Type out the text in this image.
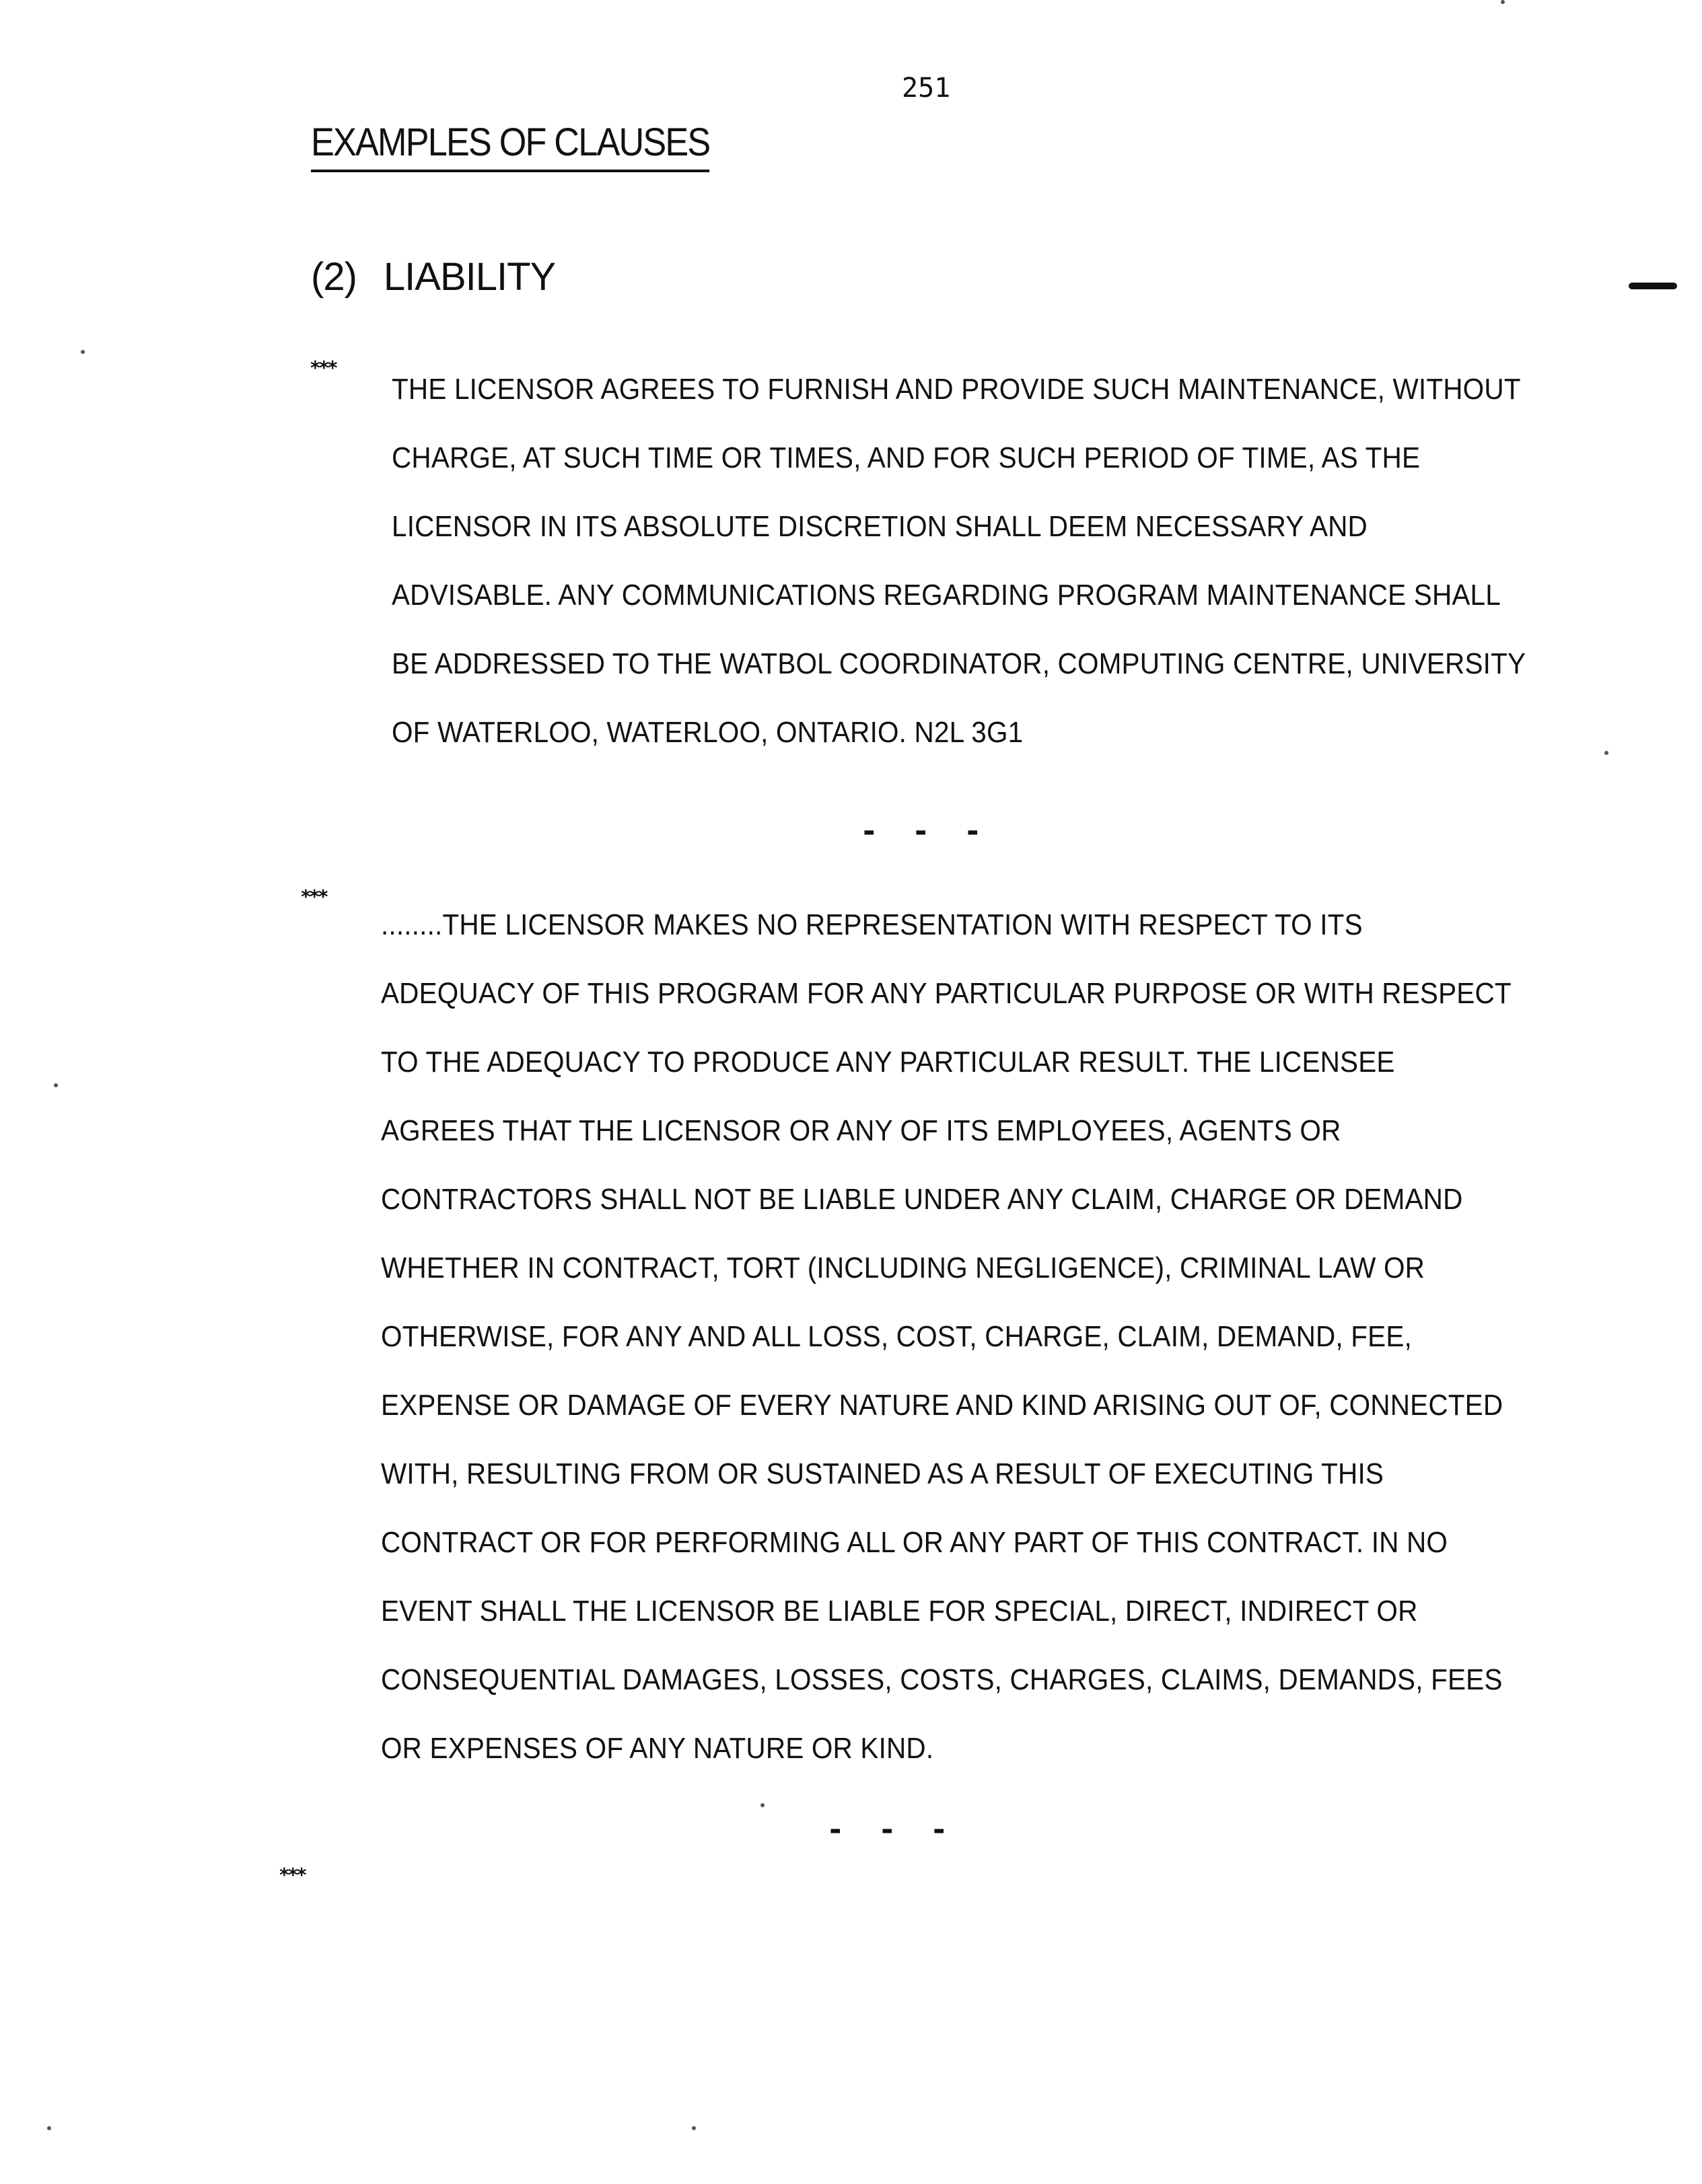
251
EXAMPLES OF CLAUSES
(2) LIABILITY
***
THE LICENSOR AGREES TO FURNISH AND PROVIDE SUCH MAINTENANCE, WITHOUT
CHARGE, AT SUCH TIME OR TIMES, AND FOR SUCH PERIOD OF TIME, AS THE
LICENSOR IN ITS ABSOLUTE DISCRETION SHALL DEEM NECESSARY AND
ADVISABLE. ANY COMMUNICATIONS REGARDING PROGRAM MAINTENANCE SHALL
BE ADDRESSED TO THE WATBOL COORDINATOR, COMPUTING CENTRE, UNIVERSITY
OF WATERLOO, WATERLOO, ONTARIO. N2L 3G1
- - -
***
........THE LICENSOR MAKES NO REPRESENTATION WITH RESPECT TO ITS
ADEQUACY OF THIS PROGRAM FOR ANY PARTICULAR PURPOSE OR WITH RESPECT
TO THE ADEQUACY TO PRODUCE ANY PARTICULAR RESULT. THE LICENSEE
AGREES THAT THE LICENSOR OR ANY OF ITS EMPLOYEES, AGENTS OR
CONTRACTORS SHALL NOT BE LIABLE UNDER ANY CLAIM, CHARGE OR DEMAND
WHETHER IN CONTRACT, TORT (INCLUDING NEGLIGENCE), CRIMINAL LAW OR
OTHERWISE, FOR ANY AND ALL LOSS, COST, CHARGE, CLAIM, DEMAND, FEE,
EXPENSE OR DAMAGE OF EVERY NATURE AND KIND ARISING OUT OF, CONNECTED
WITH, RESULTING FROM OR SUSTAINED AS A RESULT OF EXECUTING THIS
CONTRACT OR FOR PERFORMING ALL OR ANY PART OF THIS CONTRACT. IN NO
EVENT SHALL THE LICENSOR BE LIABLE FOR SPECIAL, DIRECT, INDIRECT OR
CONSEQUENTIAL DAMAGES, LOSSES, COSTS, CHARGES, CLAIMS, DEMANDS, FEES
OR EXPENSES OF ANY NATURE OR KIND.
- - -
***
